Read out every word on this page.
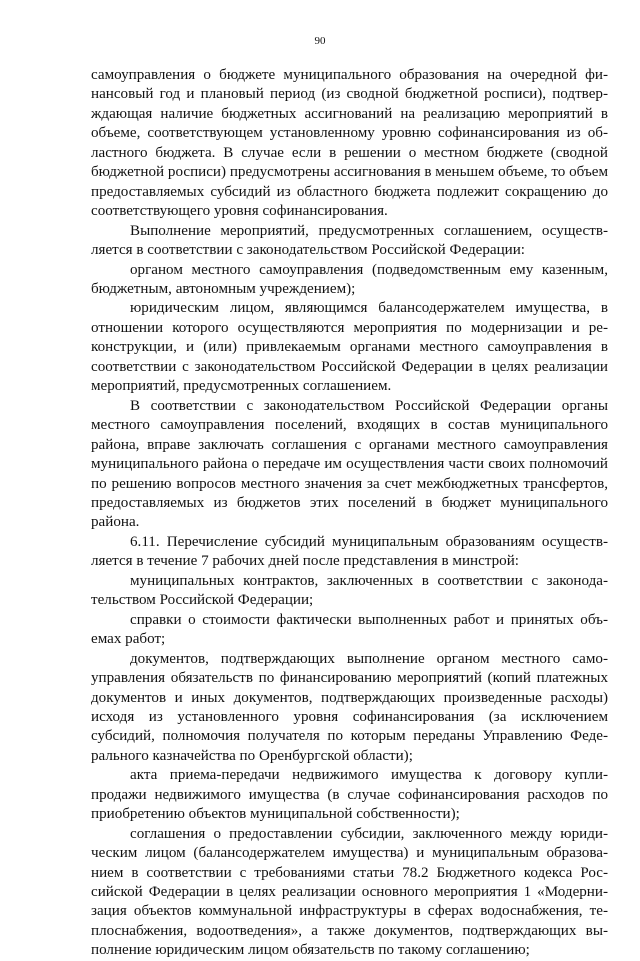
90

самоуправления о бюджете муниципального образования на очередной финансовый год и плановый период (из сводной бюджетной росписи), подтверждающая наличие бюджетных ассигнований на реализацию мероприятий в объеме, соответствующем установленному уровню софинансирования из областного бюджета. В случае если в решении о местном бюджете (сводной бюджетной росписи) предусмотрены ассигнования в меньшем объеме, то объем предоставляемых субсидий из областного бюджета подлежит сокращению до соответствующего уровня софинансирования.

Выполнение мероприятий, предусмотренных соглашением, осуществляется в соответствии с законодательством Российской Федерации:

органом местного самоуправления (подведомственным ему казенным, бюджетным, автономным учреждением);

юридическим лицом, являющимся балансодержателем имущества, в отношении которого осуществляются мероприятия по модернизации и реконструкции, и (или) привлекаемым органами местного самоуправления в соответствии с законодательством Российской Федерации в целях реализации мероприятий, предусмотренных соглашением.

В соответствии с законодательством Российской Федерации органы местного самоуправления поселений, входящих в состав муниципального района, вправе заключать соглашения с органами местного самоуправления муниципального района о передаче им осуществления части своих полномочий по решению вопросов местного значения за счет межбюджетных трансфертов, предоставляемых из бюджетов этих поселений в бюджет муниципального района.

6.11. Перечисление субсидий муниципальным образованиям осуществляется в течение 7 рабочих дней после представления в минстрой:

муниципальных контрактов, заключенных в соответствии с законодательством Российской Федерации;

справки о стоимости фактически выполненных работ и принятых объемах работ;

документов, подтверждающих выполнение органом местного самоуправления обязательств по финансированию мероприятий (копий платежных документов и иных документов, подтверждающих произведенные расходы) исходя из установленного уровня софинансирования (за исключением субсидий, полномочия получателя по которым переданы Управлению Федерального казначейства по Оренбургской области);

акта приема-передачи недвижимого имущества к договору купли-продажи недвижимого имущества (в случае софинансирования расходов по приобретению объектов муниципальной собственности);

соглашения о предоставлении субсидии, заключенного между юридическим лицом (балансодержателем имущества) и муниципальным образованием в соответствии с требованиями статьи 78.2 Бюджетного кодекса Российской Федерации в целях реализации основного мероприятия 1 «Модернизация объектов коммунальной инфраструктуры в сферах водоснабжения, теплоснабжения, водоотведения», а также документов, подтверждающих выполнение юридическим лицом обязательств по такому соглашению;
